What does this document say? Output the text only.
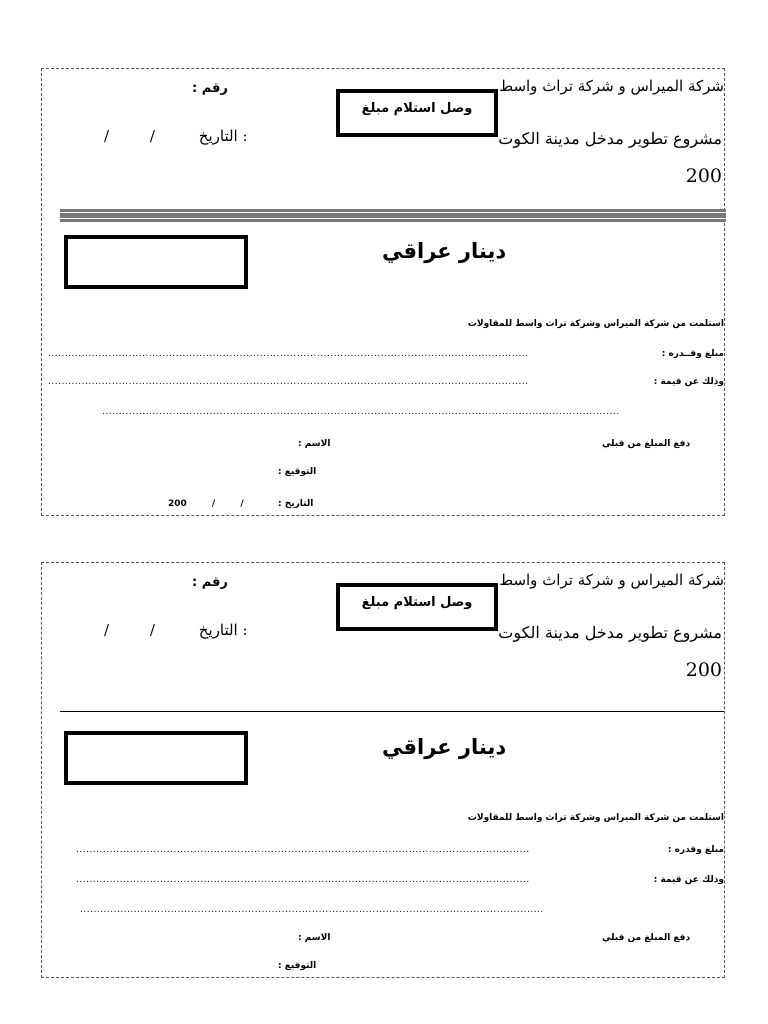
شركة الميراس و شركة تراث واسط
مشروع تطوير مدخل مدينة الكوت
200
رقم :
/ / التاريخ :
وصل استلام مبلغ
دينار عراقي
استلمت من شركة الميراس وشركة تراث واسط للمقاولات
مبلغ وقــدره :
...............................................................................................................................................
وذلك عن قيمة :
...............................................................................................................................................
..........................................................................................................................................................
دفع المبلغ من قبلي
الاسم :
التوقيع :
التاريخ :
200 / /
شركة الميراس و شركة تراث واسط
مشروع تطوير مدخل مدينة الكوت
200
رقم :
/ / التاريخ :
وصل استلام مبلغ
دينار عراقي
استلمت من شركة الميراس وشركة تراث واسط للمقاولات
مبلغ وقدره :
.......................................................................................................................................
وذلك عن قيمة :
.......................................................................................................................................
..........................................................................................................................................
دفع المبلغ من قبلي
الاسم :
التوقيع :
